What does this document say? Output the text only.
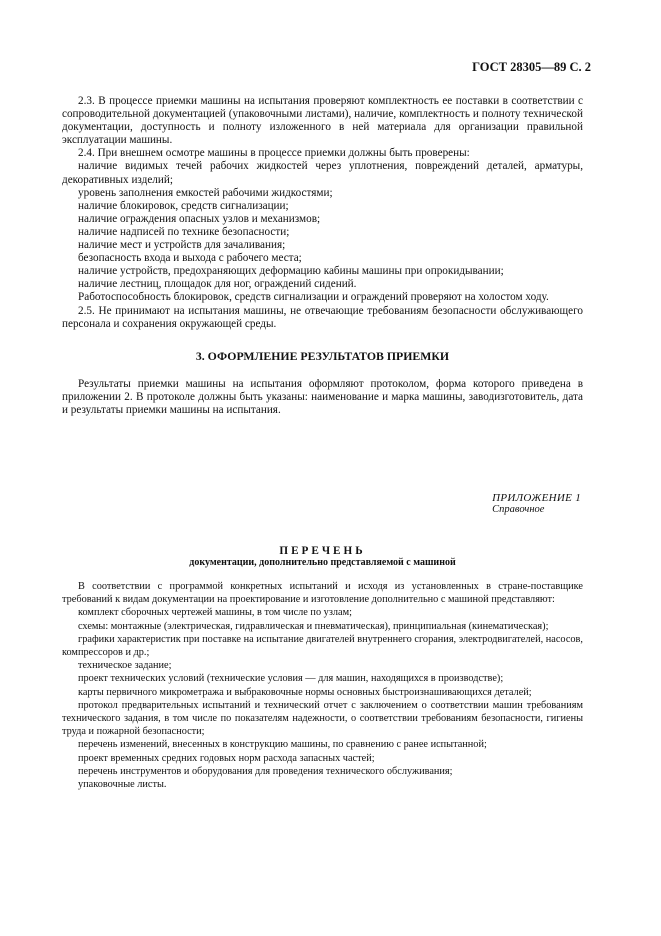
ГОСТ 28305—89 С. 2

2.3. В процессе приемки машины на испытания проверяют комплектность ее поставки в соответствии с сопроводительной документацией (упаковочными листами), наличие, комплектность и полноту технической документации, доступность и полноту изложенного в ней материала для организации правильной эксплуатации машины.

2.4. При внешнем осмотре машины в процессе приемки должны быть проверены:

наличие видимых течей рабочих жидкостей через уплотнения, повреждений деталей, арматуры, декоративных изделий;

уровень заполнения емкостей рабочими жидкостями;

наличие блокировок, средств сигнализации;

наличие ограждения опасных узлов и механизмов;

наличие надписей по технике безопасности;

наличие мест и устройств для зачаливания;

безопасность входа и выхода с рабочего места;

наличие устройств, предохраняющих деформацию кабины машины при опрокидывании;

наличие лестниц, площадок для ног, ограждений сидений.

Работоспособность блокировок, средств сигнализации и ограждений проверяют на холостом ходу.

2.5. Не принимают на испытания машины, не отвечающие требованиям безопасности обслуживающего персонала и сохранения окружающей среды.

3. ОФОРМЛЕНИЕ РЕЗУЛЬТАТОВ ПРИЕМКИ

Результаты приемки машины на испытания оформляют протоколом, форма которого приведена в приложении 2. В протоколе должны быть указаны: наименование и марка машины, заводизготовитель, дата и результаты приемки машины на испытания.

ПРИЛОЖЕНИЕ 1
Справочное
ПЕРЕЧЕНЬ
документации, дополнительно представляемой с машиной

В соответствии с программой конкретных испытаний и исходя из установленных в стране-поставщике требований к видам документации на проектирование и изготовление дополнительно с машиной представляют:

комплект сборочных чертежей машины, в том числе по узлам;

схемы: монтажные (электрическая, гидравлическая и пневматическая), принципиальная (кинематическая);

графики характеристик при поставке на испытание двигателей внутреннего сгорания, электродвигателей, насосов, компрессоров и др.;

техническое задание;

проект технических условий (технические условия — для машин, находящихся в производстве);

карты первичного микрометража и выбраковочные нормы основных быстроизнашивающихся деталей;

протокол предварительных испытаний и технический отчет с заключением о соответствии машин требованиям технического задания, в том числе по показателям надежности, о соответствии требованиям безопасности, гигиены труда и пожарной безопасности;

перечень изменений, внесенных в конструкцию машины, по сравнению с ранее испытанной;

проект временных средних годовых норм расхода запасных частей;

перечень инструментов и оборудования для проведения технического обслуживания;

упаковочные листы.
